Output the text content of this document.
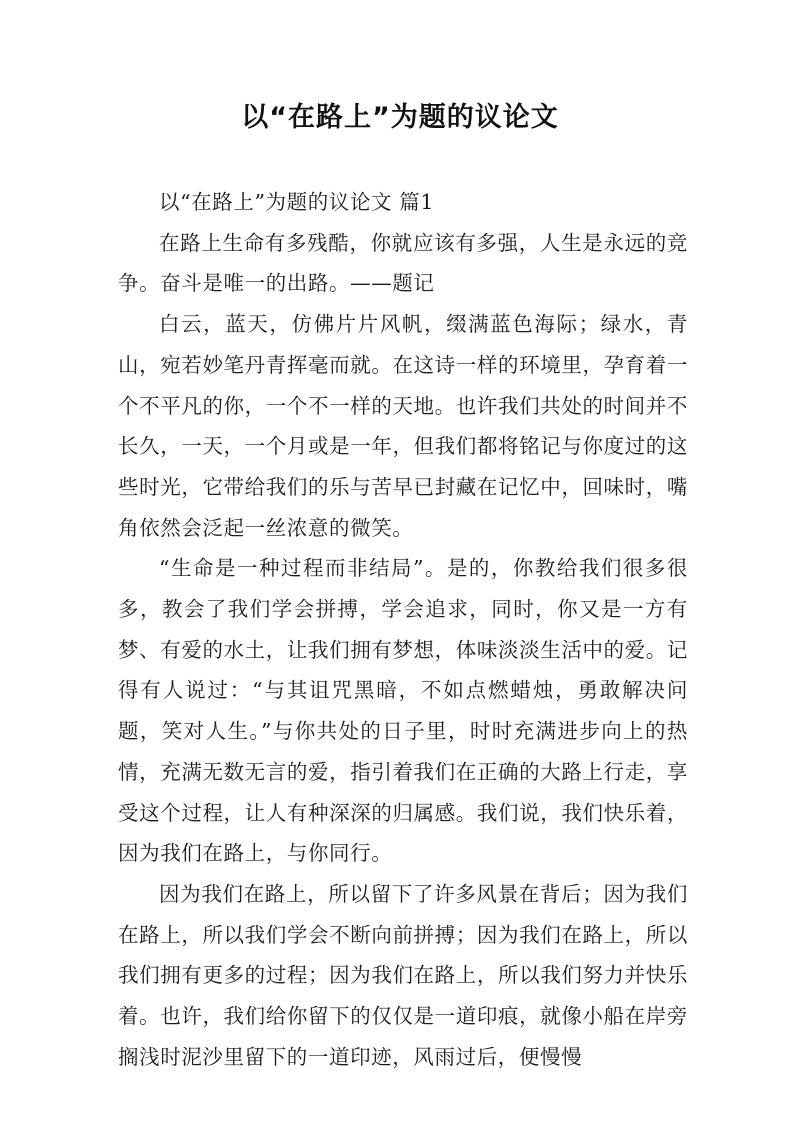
以“在路上”为题的议论文

以“在路上”为题的议论文 篇1

在路上生命有多残酷，你就应该有多强，人生是永远的竞争。奋斗是唯一的出路。——题记

白云，蓝天，仿佛片片风帆，缀满蓝色海际；绿水，青山，宛若妙笔丹青挥毫而就。在这诗一样的环境里，孕育着一个不平凡的你，一个不一样的天地。也许我们共处的时间并不长久，一天，一个月或是一年，但我们都将铭记与你度过的这些时光，它带给我们的乐与苦早已封藏在记忆中，回味时，嘴角依然会泛起一丝浓意的微笑。

“生命是一种过程而非结局”。是的，你教给我们很多很多，教会了我们学会拼搏，学会追求，同时，你又是一方有梦、有爱的水土，让我们拥有梦想，体味淡淡生活中的爱。记得有人说过：“与其诅咒黑暗，不如点燃蜡烛，勇敢解决问题，笑对人生。”与你共处的日子里，时时充满进步向上的热情，充满无数无言的爱，指引着我们在正确的大路上行走，享受这个过程，让人有种深深的归属感。我们说，我们快乐着，因为我们在路上，与你同行。

因为我们在路上，所以留下了许多风景在背后；因为我们在路上，所以我们学会不断向前拼搏；因为我们在路上，所以我们拥有更多的过程；因为我们在路上，所以我们努力并快乐着。也许，我们给你留下的仅仅是一道印痕，就像小船在岸旁搁浅时泥沙里留下的一道印迹，风雨过后，便慢慢
